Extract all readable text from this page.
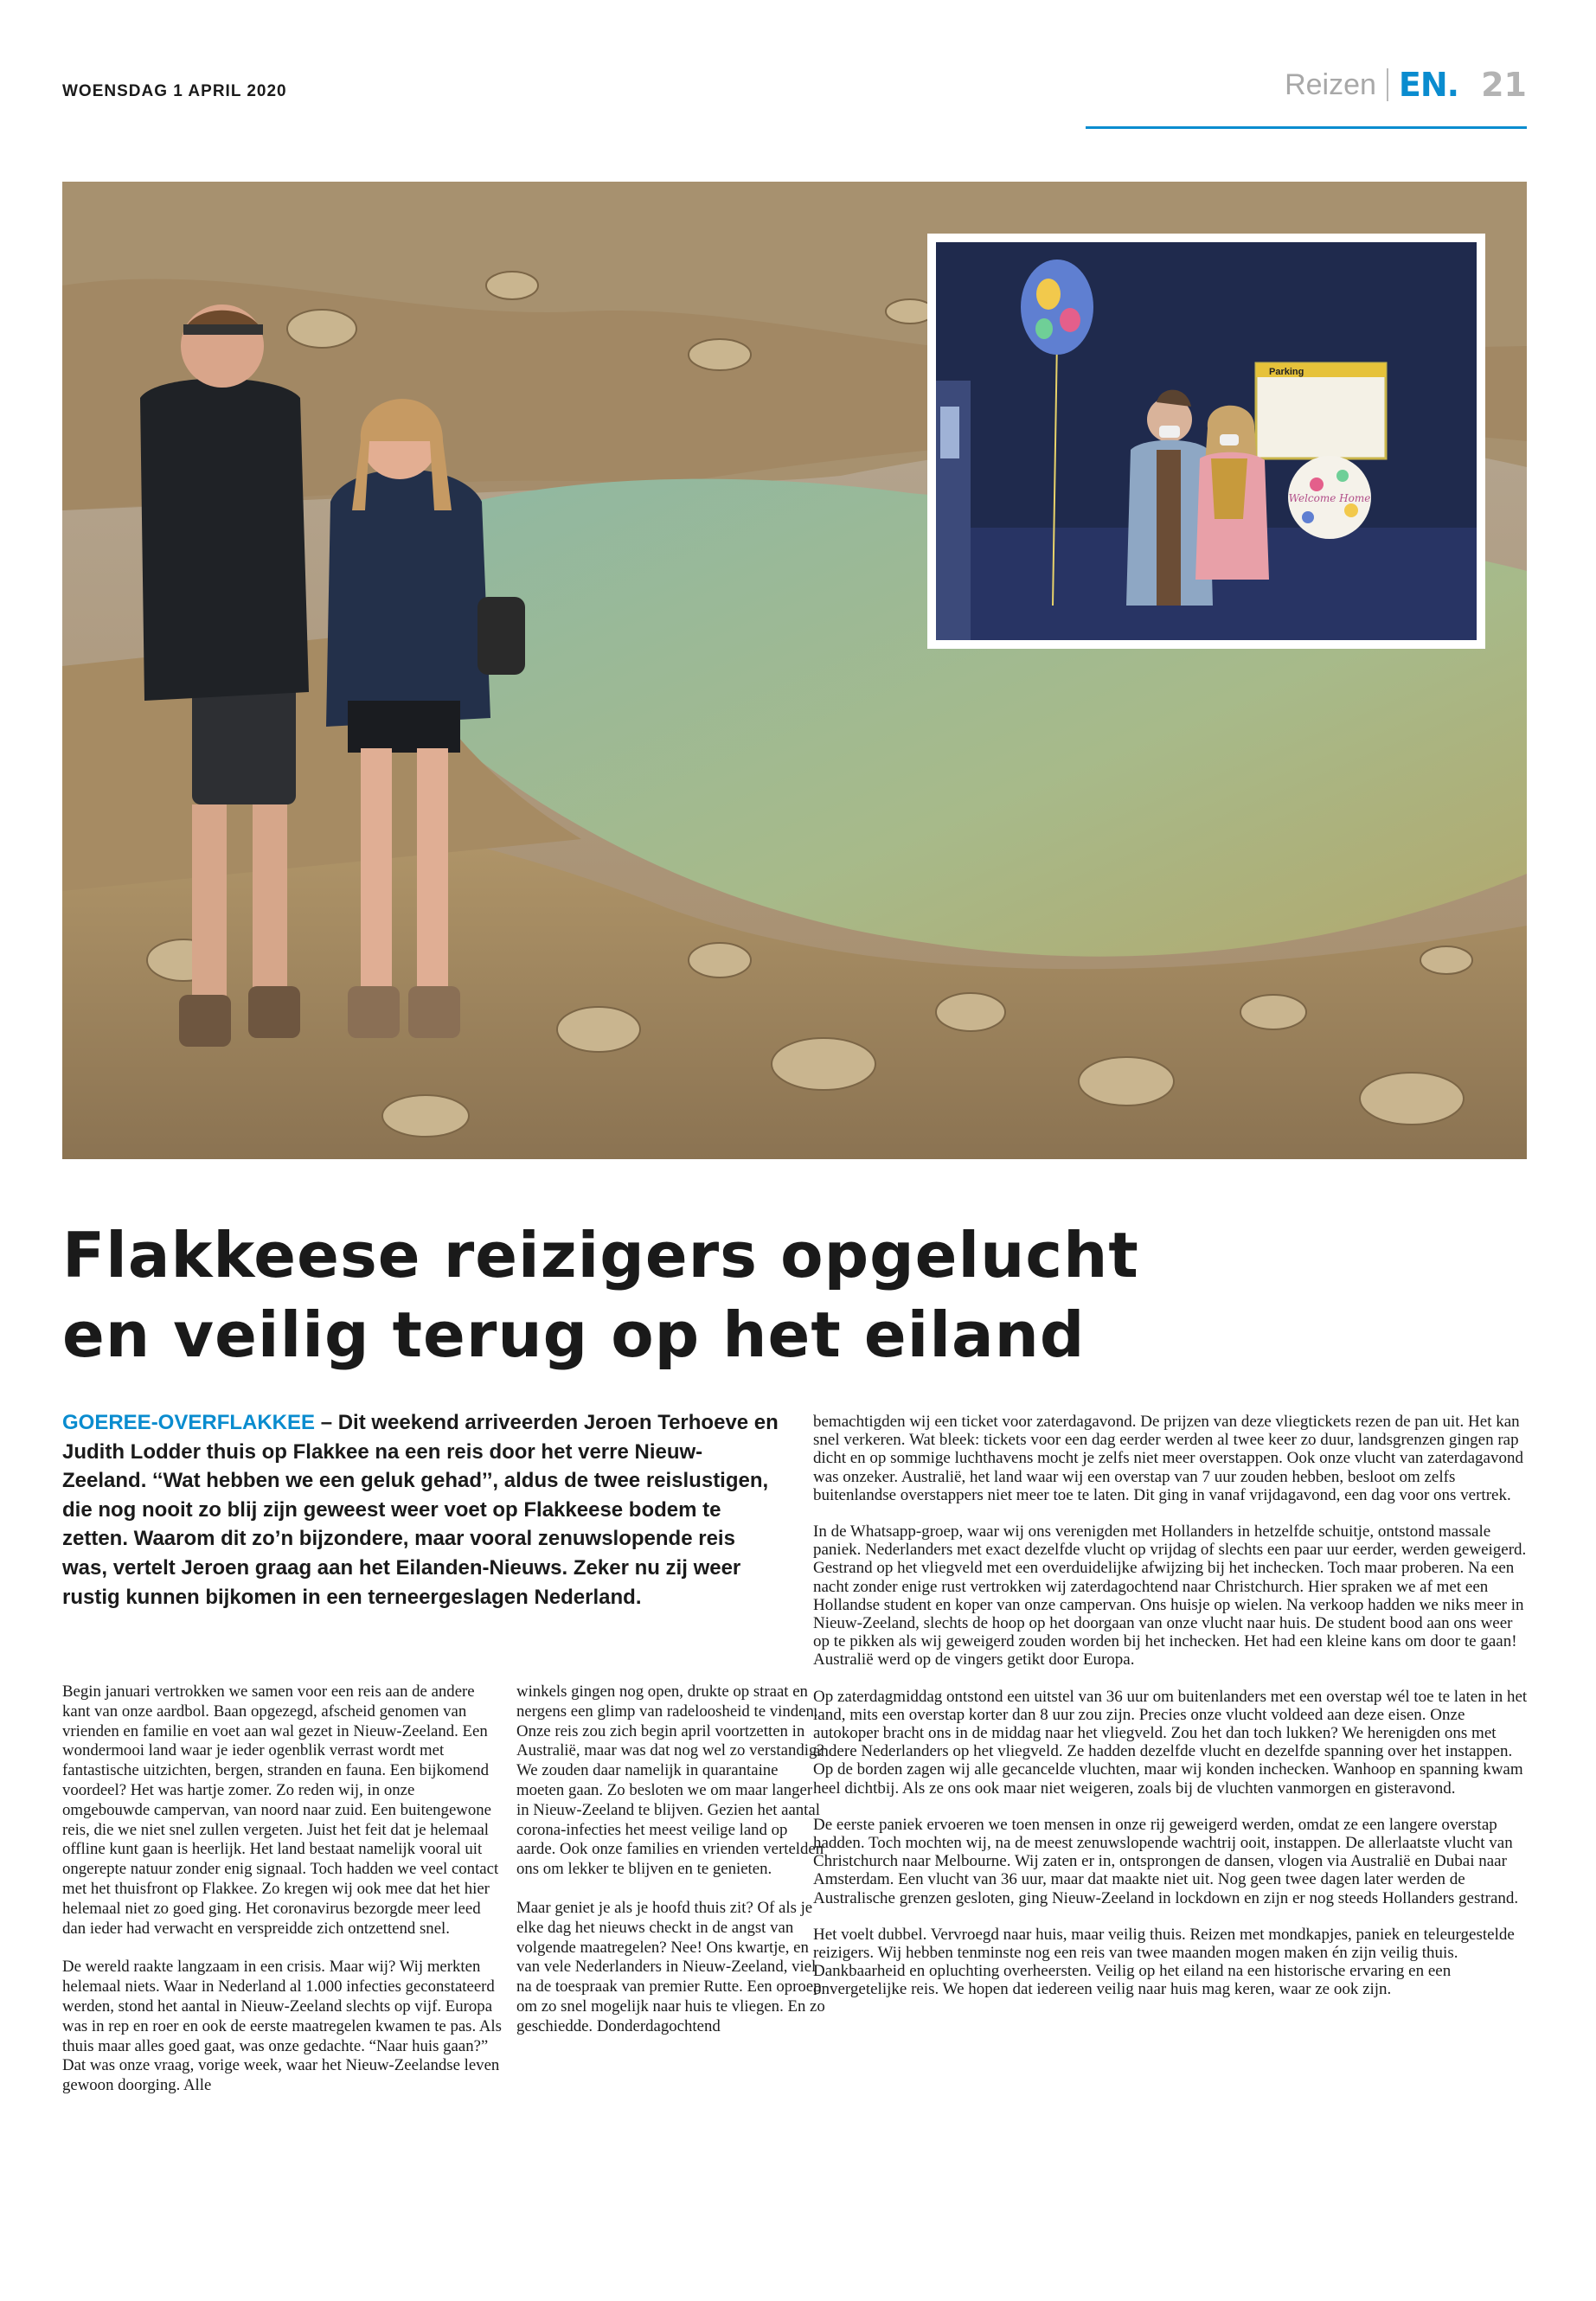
WOENSDAG 1 APRIL 2020	Reizen EN. 21
Parking
Welcome Home
Flakkeese reizigers opgelucht en veilig terug op het eiland

GOEREE-OVERFLAKKEE – Dit weekend arriveerden Jeroen Terhoeve en Judith Lodder thuis op Flakkee na een reis door het verre Nieuw-Zeeland. ‘‘Wat hebben we een geluk gehad’’, aldus de twee reislustigen, die nog nooit zo blij zijn geweest weer voet op Flakkeese bodem te zetten. Waarom dit zo’n bijzondere, maar vooral zenuwslopende reis was, vertelt Jeroen graag aan het Eilanden-Nieuws. Zeker nu zij weer rustig kunnen bijkomen in een terneergeslagen Nederland.

Begin januari vertrokken we samen voor een reis aan de andere kant van onze aardbol. Baan opgezegd, afscheid genomen van vrienden en familie en voet aan wal gezet in Nieuw-Zeeland. Een wondermooi land waar je ieder ogenblik verrast wordt met fantastische uitzichten, bergen, stranden en fauna. Een bijkomend voordeel? Het was hartje zomer. Zo reden wij, in onze omgebouwde campervan, van noord naar zuid. Een buitengewone reis, die we niet snel zullen vergeten. Juist het feit dat je helemaal offline kunt gaan is heerlijk. Het land bestaat namelijk vooral uit ongerepte natuur zonder enig signaal. Toch hadden we veel contact met het thuisfront op Flakkee. Zo kregen wij ook mee dat het hier helemaal niet zo goed ging. Het coronavirus bezorgde meer leed dan ieder had verwacht en verspreidde zich ontzettend snel.

De wereld raakte langzaam in een crisis. Maar wij? Wij merkten helemaal niets. Waar in Nederland al 1.000 infecties geconstateerd werden, stond het aantal in Nieuw-Zeeland slechts op vijf. Europa was in rep en roer en ook de eerste maatregelen kwamen te pas. Als thuis maar alles goed gaat, was onze gedachte. “Naar huis gaan?” Dat was onze vraag, vorige week, waar het Nieuw-Zeelandse leven gewoon doorging. Alle

winkels gingen nog open, drukte op straat en nergens een glimp van radeloosheid te vinden. Onze reis zou zich begin april voortzetten in Australië, maar was dat nog wel zo verstandig? We zouden daar namelijk in quarantaine moeten gaan. Zo besloten we om maar langer in Nieuw-Zeeland te blijven. Gezien het aantal corona-infecties het meest veilige land op aarde. Ook onze families en vrienden vertelden ons om lekker te blijven en te genieten.

Maar geniet je als je hoofd thuis zit? Of als je elke dag het nieuws checkt in de angst van volgende maatregelen? Nee! Ons kwartje, en van vele Nederlanders in Nieuw-Zeeland, viel na de toespraak van premier Rutte. Een oproep om zo snel mogelijk naar huis te vliegen. En zo geschiedde. Donderdagochtend

bemachtigden wij een ticket voor zaterdagavond. De prijzen van deze vliegtickets rezen de pan uit. Het kan snel verkeren. Wat bleek: tickets voor een dag eerder werden al twee keer zo duur, landsgrenzen gingen rap dicht en op sommige luchthavens mocht je zelfs niet meer overstappen. Ook onze vlucht van zaterdagavond was onzeker. Australië, het land waar wij een overstap van 7 uur zouden hebben, besloot om zelfs buitenlandse overstappers niet meer toe te laten. Dit ging in vanaf vrijdagavond, een dag voor ons vertrek.

In de Whatsapp-groep, waar wij ons verenigden met Hollanders in hetzelfde schuitje, ontstond massale paniek. Nederlanders met exact dezelfde vlucht op vrijdag of slechts een paar uur eerder, werden geweigerd. Gestrand op het vliegveld met een overduidelijke afwijzing bij het inchecken. Toch maar proberen. Na een nacht zonder enige rust vertrokken wij zaterdagochtend naar Christchurch. Hier spraken we af met een Hollandse student en koper van onze campervan. Ons huisje op wielen. Na verkoop hadden we niks meer in Nieuw-Zeeland, slechts de hoop op het doorgaan van onze vlucht naar huis. De student bood aan ons weer op te pikken als wij geweigerd zouden worden bij het inchecken. Het had een kleine kans om door te gaan! Australië werd op de vingers getikt door Europa.

Op zaterdagmiddag ontstond een uitstel van 36 uur om buitenlanders met een overstap wél toe te laten in het land, mits een overstap korter dan 8 uur zou zijn. Precies onze vlucht voldeed aan deze eisen. Onze autokoper bracht ons in de middag naar het vliegveld. Zou het dan toch lukken? We herenigden ons met andere Nederlanders op het vliegveld. Ze hadden dezelfde vlucht en dezelfde spanning over het instappen. Op de borden zagen wij alle gecancelde vluchten, maar wij konden inchecken. Wanhoop en spanning kwam heel dichtbij. Als ze ons ook maar niet weigeren, zoals bij de vluchten vanmorgen en gisteravond.

De eerste paniek ervoeren we toen mensen in onze rij geweigerd werden, omdat ze een langere overstap hadden. Toch mochten wij, na de meest zenuwslopende wachtrij ooit, instappen. De allerlaatste vlucht van Christchurch naar Melbourne. Wij zaten er in, ontsprongen de dansen, vlogen via Australië en Dubai naar Amsterdam. Een vlucht van 36 uur, maar dat maakte niet uit. Nog geen twee dagen later werden de Australische grenzen gesloten, ging Nieuw-Zeeland in lockdown en zijn er nog steeds Hollanders gestrand.

Het voelt dubbel. Vervroegd naar huis, maar veilig thuis. Reizen met mondkapjes, paniek en teleurgestelde reizigers. Wij hebben tenminste nog een reis van twee maanden mogen maken én zijn veilig thuis. Dankbaarheid en opluchting overheersten. Veilig op het eiland na een historische ervaring en een onvergetelijke reis. We hopen dat iedereen veilig naar huis mag keren, waar ze ook zijn.
